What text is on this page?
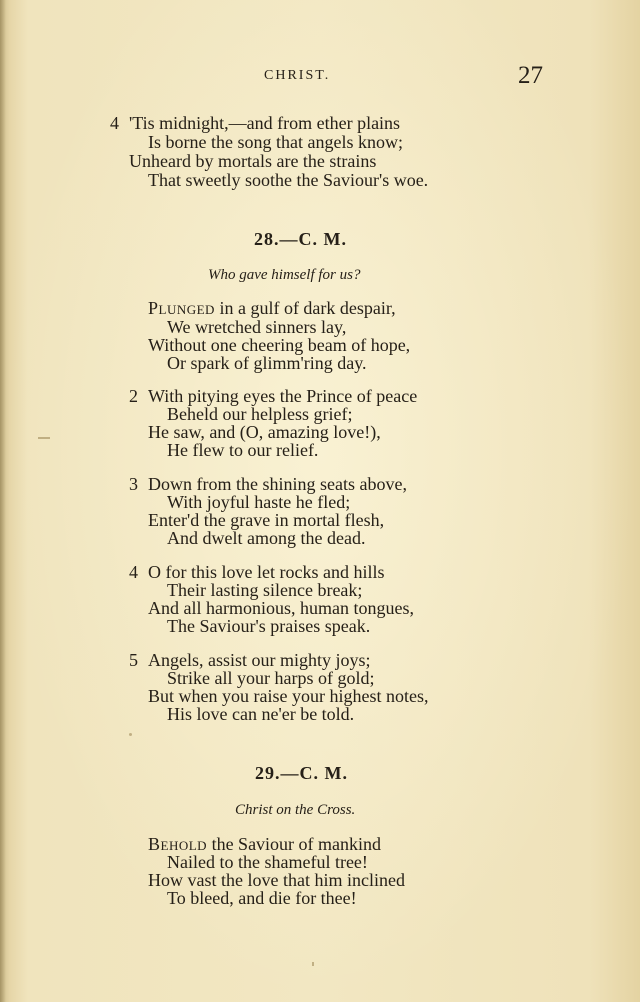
CHRIST.	27
4 'Tis midnight,—and from ether plains
Is borne the song that angels know;
Unheard by mortals are the strains
That sweetly soothe the Saviour's woe.
28.—C. M.
Who gave himself for us?
Plunged in a gulf of dark despair,
We wretched sinners lay,
Without one cheering beam of hope,
Or spark of glimm'ring day.
2 With pitying eyes the Prince of peace
Beheld our helpless grief;
He saw, and (O, amazing love!),
He flew to our relief.
3 Down from the shining seats above,
With joyful haste he fled;
Enter'd the grave in mortal flesh,
And dwelt among the dead.
4 O for this love let rocks and hills
Their lasting silence break;
And all harmonious, human tongues,
The Saviour's praises speak.
5 Angels, assist our mighty joys;
Strike all your harps of gold;
But when you raise your highest notes,
His love can ne'er be told.
29.—C. M.
Christ on the Cross.
Behold the Saviour of mankind
Nailed to the shameful tree!
How vast the love that him inclined
To bleed, and die for thee!
